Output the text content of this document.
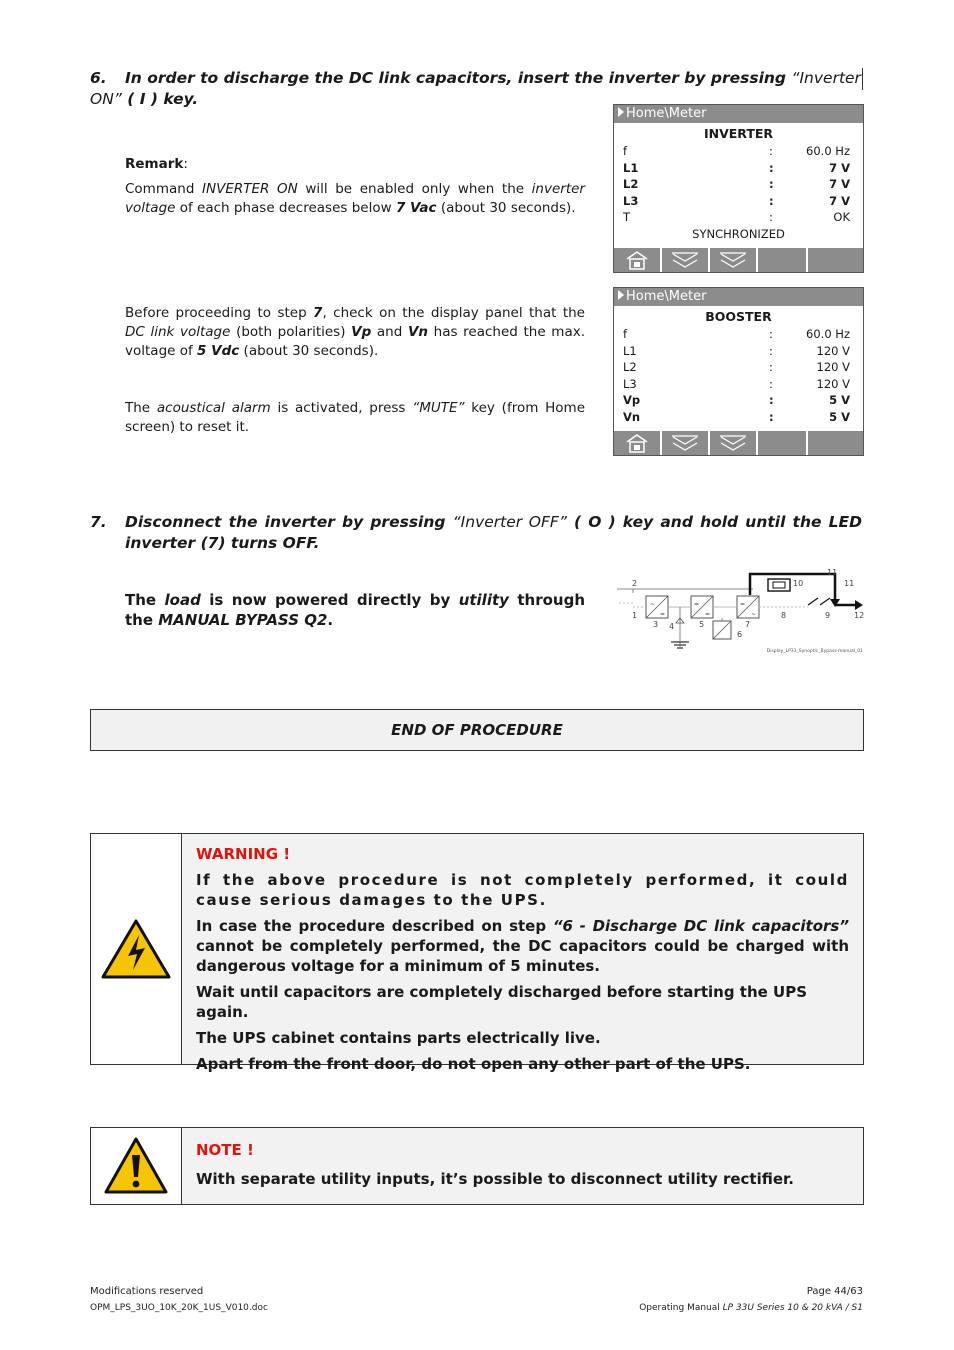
6. In order to discharge the DC link capacitors, insert the inverter by pressing “Inverter ON” ( I ) key.
Remark:
Command INVERTER ON will be enabled only when the inverter voltage of each phase decreases below 7 Vac (about 30 seconds).
Before proceeding to step 7, check on the display panel that the DC link voltage (both polarities) Vp and Vn has reached the max. voltage of 5 Vdc (about 30 seconds).
The acoustical alarm is activated, press “MUTE” key (from Home screen) to reset it.
Home\Meter
INVERTER
f	:	60.0 Hz
L1	:	7 V
L2	:	7 V
L3	:	7 V
T	:	OK
SYNCHRONIZED
Home\Meter
BOOSTER
f	:	60.0 Hz
L1	:	120 V
L2	:	120 V
L3	:	120 V
Vp	:	5 V
Vn	:	5 V
7.	Disconnect the inverter by pressing “Inverter OFF” ( O ) key and hold until the LED inverter (7) turns OFF.
The load is now powered directly by utility through the MANUAL BYPASS Q2.
~
=
=
=
=
~
1
2
3 4	5
6
7
8	9
10
11
11
12
Display_LP33_Synoptic_Bypass-manual_01
END OF PROCEDURE
WARNING !
If the above procedure is not completely performed, it could cause serious damages to the UPS.
In case the procedure described on step “6 - Discharge DC link capacitors” cannot be completely performed, the DC capacitors could be charged with dangerous voltage for a minimum of 5 minutes.
Wait until capacitors are completely discharged before starting the UPS again.
The UPS cabinet contains parts electrically live.
Apart from the front door, do not open any other part of the UPS.
NOTE !
With separate utility inputs, it’s possible to disconnect utility rectifier.
Modifications reserved
OPM_LPS_3UO_10K_20K_1US_V010.doc
Page 44/63
Operating Manual LP 33U Series 10 & 20 kVA / S1
